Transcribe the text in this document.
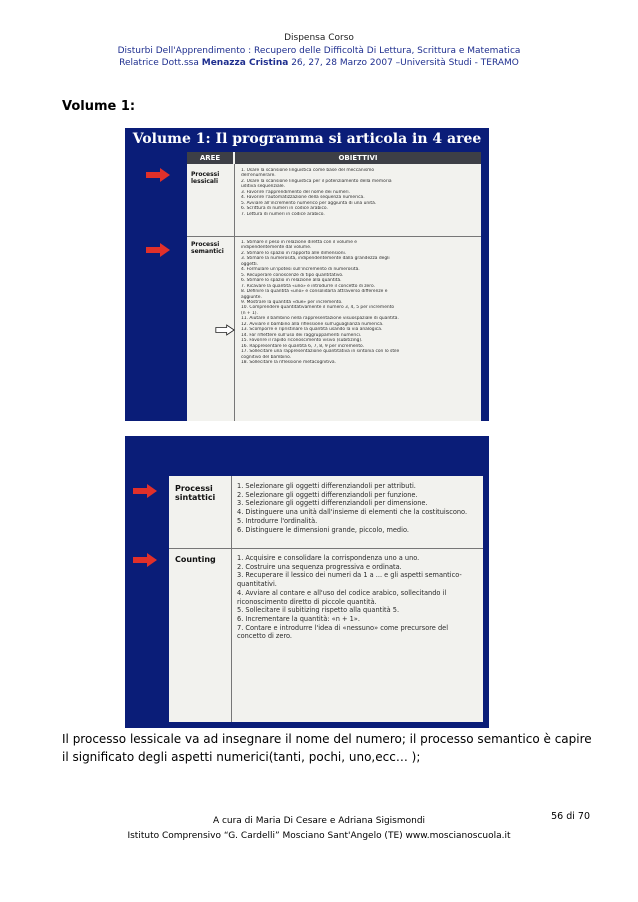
Dispensa Corso
Disturbi Dell'Apprendimento : Recupero delle Difficoltà Di Lettura, Scrittura e Matematica
Relatrice Dott.ssa Menazza Cristina 26, 27, 28 Marzo 2007 –Università Studi - TERAMO
Volume 1:
Volume 1: Il programma si articola in 4 aree
AREE	OBIETTIVI
Processi
lessicali
1. Usare la scansione linguistica come base del meccanismo
dell'enumerare.
2. Usare la scansione linguistica per il potenziamento della memoria
uditiva sequenziale.
3. Favorire l'apprendimento del nome dei numeri.
4. Favorire l'automatizzazione della sequenza numerica.
5. Avviare all'incremento numerico per aggiunta di una unità.
6. Scrittura di numeri in codice arabico.
7. Lettura di numeri in codice arabico.
Processi
semantici
1. Stimare il peso in relazione diretta con il volume e
indipendentemente dal volume.
2. Stimare lo spazio in rapporto alle dimensioni.
3. Stimare la numerosità, indipendentemente dalla grandezza degli
oggetti.
4. Formulare un'ipotesi sull'incremento di numerosità.
5. Recuperare conoscenze di tipo quantitativo.
6. Stimare lo spazio in relazione alla quantità.
7. Ricavare la quantità «uno» e introdurre il concetto di zero.
8. Definire la quantità «uno» e consolidarla attraverso differenze e
aggiunte.
9. Mostrare la quantità «due» per incremento.
10. Comprendere quantitativamente il numero 3, 4, 5 per incremento
(n + 1).
11. Aiutare il bambino nella rappresentazione visuospaziale di quantità.
12. Avviare il bambino alla riflessione sull'uguaglianza numerica.
13. Scomporre e ripristinare la quantità usando la via analogica.
14. Far riflettere sull'uso dei raggruppamenti numerici.
15. Favorire il rapido riconoscimento visivo (subitizing).
16. Rappresentare le quantità 6, 7, 8, 9 per incremento.
17. Sollecitare una rappresentazione quantitativa in sintonia con lo stile
cognitivo del bambino.
18. Sollecitare la riflessione metacognitiva.
Processi
sintattici
1. Selezionare gli oggetti differenziandoli per attributi.
2. Selezionare gli oggetti differenziandoli per funzione.
3. Selezionare gli oggetti differenziandoli per dimensione.
4. Distinguere una unità dall'insieme di elementi che la costituiscono.
5. Introdurre l'ordinalità.
6. Distinguere le dimensioni grande, piccolo, medio.
Counting	1. Acquisire e consolidare la corrispondenza uno a uno.
2. Costruire una sequenza progressiva e ordinata.
3. Recuperare il lessico dei numeri da 1 a ... e gli aspetti semantico-
quantitativi.
4. Avviare al contare e all'uso del codice arabico, sollecitando il
riconoscimento diretto di piccole quantità.
5. Sollecitare il subitizing rispetto alla quantità 5.
6. Incrementare la quantità: «n + 1».
7. Contare e introdurre l'idea di «nessuno» come precursore del
concetto di zero.
Il processo lessicale va ad insegnare il nome del numero; il processo semantico è capire
il significato degli aspetti numerici(tanti, pochi, uno,ecc… );
A cura di Maria Di Cesare e Adriana Sigismondi
Istituto Comprensivo “G. Cardelli” Mosciano Sant'Angelo (TE) www.moscianoscuola.it
56 di 70
